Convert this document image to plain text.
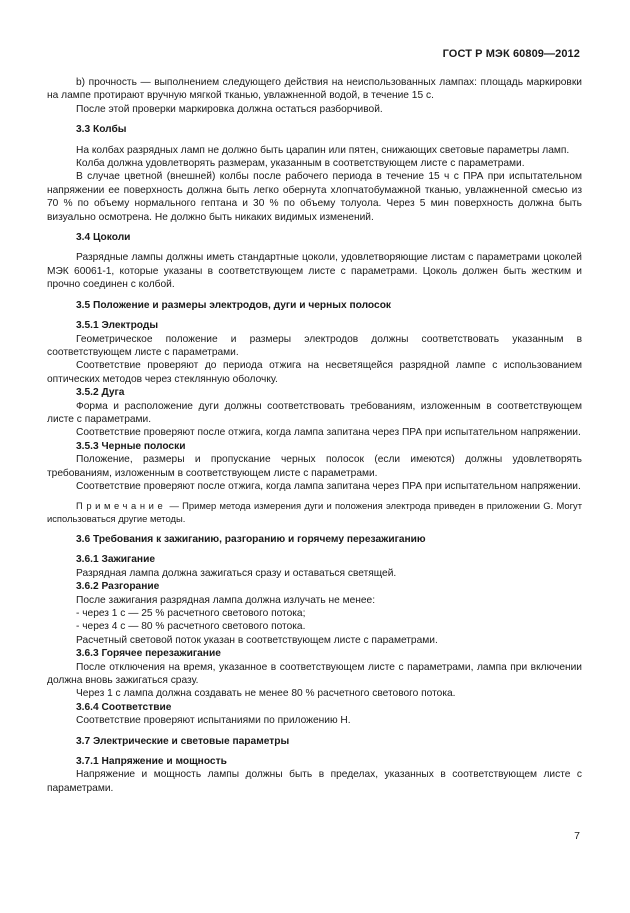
ГОСТ Р МЭК 60809—2012

b) прочность — выполнением следующего действия на неиспользованных лампах: площадь маркировки на лампе протирают вручную мягкой тканью, увлажненной водой, в течение 15 с.

После этой проверки маркировка должна остаться разборчивой.

3.3 Колбы

На колбах разрядных ламп не должно быть царапин или пятен, снижающих световые параметры ламп.

Колба должна удовлетворять размерам, указанным в соответствующем листе с параметрами.

В случае цветной (внешней) колбы после рабочего периода в течение 15 ч с ПРА при испытательном напряжении ее поверхность должна быть легко обернута хлопчатобумажной тканью, увлажненной смесью из 70 % по объему нормального гептана и 30 % по объему толуола. Через 5 мин поверхность должна быть визуально осмотрена. Не должно быть никаких видимых изменений.

3.4 Цоколи

Разрядные лампы должны иметь стандартные цоколи, удовлетворяющие листам с параметрами цоколей МЭК 60061-1, которые указаны в соответствующем листе с параметрами. Цоколь должен быть жестким и прочно соединен с колбой.

3.5 Положение и размеры электродов, дуги и черных полосок

3.5.1 Электроды

Геометрическое положение и размеры электродов должны соответствовать указанным в соответствующем листе с параметрами.

Соответствие проверяют до периода отжига на несветящейся разрядной лампе с использованием оптических методов через стеклянную оболочку.

3.5.2 Дуга

Форма и расположение дуги должны соответствовать требованиям, изложенным в соответствующем листе с параметрами.

Соответствие проверяют после отжига, когда лампа запитана через ПРА при испытательном напряжении.

3.5.3 Черные полоски

Положение, размеры и пропускание черных полосок (если имеются) должны удовлетворять требованиям, изложенным в соответствующем листе с параметрами.

Соответствие проверяют после отжига, когда лампа запитана через ПРА при испытательном напряжении.

Примечание — Пример метода измерения дуги и положения электрода приведен в приложении G. Могут использоваться другие методы.

3.6 Требования к зажиганию, разгоранию и горячему перезажиганию

3.6.1 Зажигание

Разрядная лампа должна зажигаться сразу и оставаться светящей.

3.6.2 Разгорание

После зажигания разрядная лампа должна излучать не менее:

- через 1 с — 25 % расчетного светового потока;

- через 4 с — 80 % расчетного светового потока.

Расчетный световой поток указан в соответствующем листе с параметрами.

3.6.3 Горячее перезажигание

После отключения на время, указанное в соответствующем листе с параметрами, лампа при включении должна вновь зажигаться сразу.

Через 1 с лампа должна создавать не менее 80 % расчетного светового потока.

3.6.4 Соответствие

Соответствие проверяют испытаниями по приложению Н.

3.7 Электрические и световые параметры

3.7.1 Напряжение и мощность

Напряжение и мощность лампы должны быть в пределах, указанных в соответствующем листе с параметрами.

7
